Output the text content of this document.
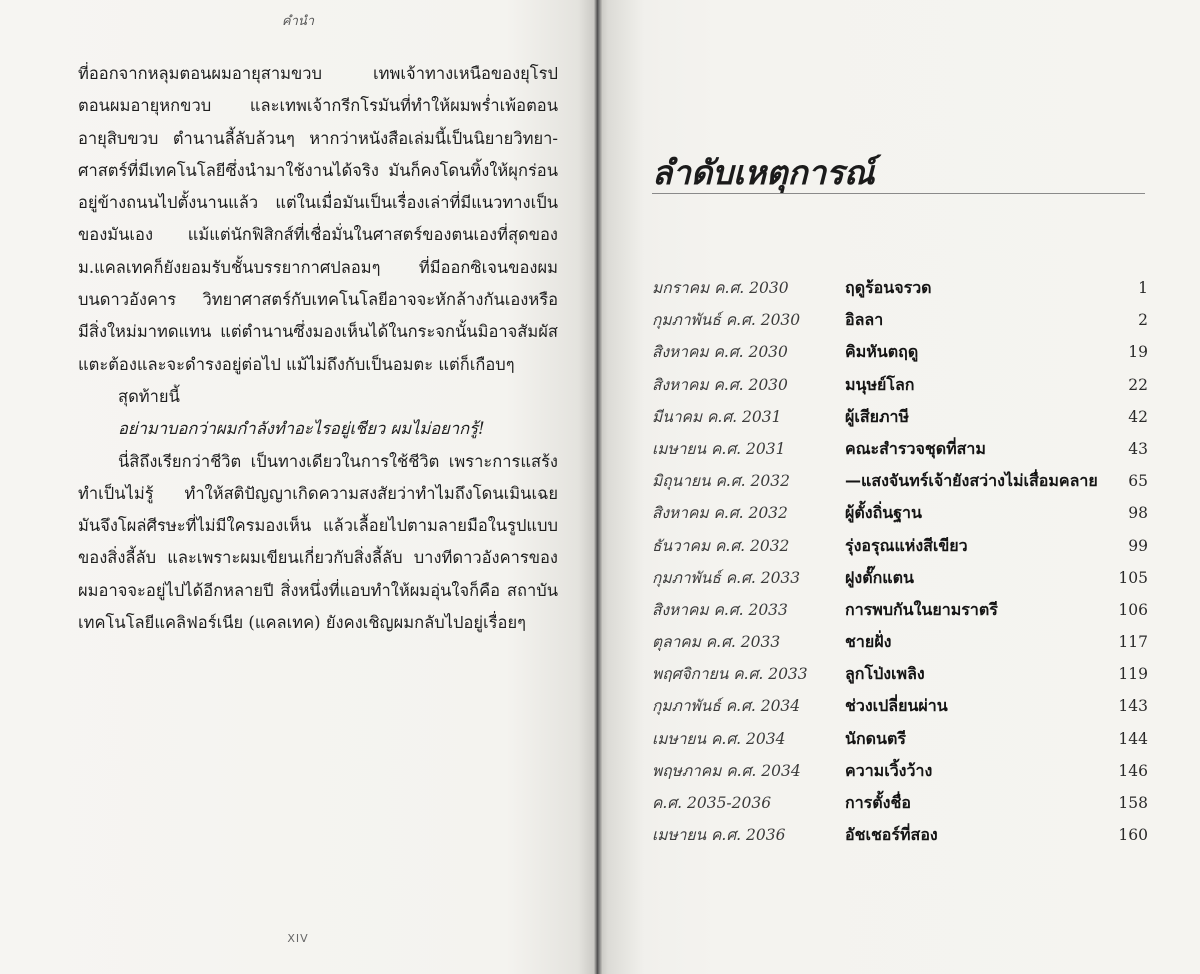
คำนำ
ที่ออกจากหลุมตอนผมอายุสามขวบ เทพเจ้าทางเหนือของยุโรป
ตอนผมอายุหกขวบ และเทพเจ้ากรีกโรมันที่ทำให้ผมพร่ำเพ้อตอน
อายุสิบขวบ ตำนานลี้ลับล้วนๆ หากว่าหนังสือเล่มนี้เป็นนิยายวิทยา-
ศาสตร์ที่มีเทคโนโลยีซึ่งนำมาใช้งานได้จริง มันก็คงโดนทิ้งให้ผุกร่อน
อยู่ข้างถนนไปตั้งนานแล้ว แต่ในเมื่อมันเป็นเรื่องเล่าที่มีแนวทางเป็น
ของมันเอง แม้แต่นักฟิสิกส์ที่เชื่อมั่นในศาสตร์ของตนเองที่สุดของ
ม.แคลเทคก็ยังยอมรับชั้นบรรยากาศปลอมๆ ที่มีออกซิเจนของผม
บนดาวอังคาร วิทยาศาสตร์กับเทคโนโลยีอาจจะหักล้างกันเองหรือ
มีสิ่งใหม่มาทดแทน แต่ตำนานซึ่งมองเห็นได้ในกระจกนั้นมิอาจสัมผัส
แตะต้องและจะดำรงอยู่ต่อไป แม้ไม่ถึงกับเป็นอมตะ แต่ก็เกือบๆ
สุดท้ายนี้
อย่ามาบอกว่าผมกำลังทำอะไรอยู่เชียว ผมไม่อยากรู้!
นี่สิถึงเรียกว่าชีวิต เป็นทางเดียวในการใช้ชีวิต เพราะการแสร้ง
ทำเป็นไม่รู้ ทำให้สติปัญญาเกิดความสงสัยว่าทำไมถึงโดนเมินเฉย
มันจึงโผล่ศีรษะที่ไม่มีใครมองเห็น แล้วเลื้อยไปตามลายมือในรูปแบบ
ของสิ่งลี้ลับ และเพราะผมเขียนเกี่ยวกับสิ่งลี้ลับ บางทีดาวอังคารของ
ผมอาจจะอยู่ไปได้อีกหลายปี สิ่งหนึ่งที่แอบทำให้ผมอุ่นใจก็คือ สถาบัน
เทคโนโลยีแคลิฟอร์เนีย (แคลเทค) ยังคงเชิญผมกลับไปอยู่เรื่อยๆ
XIV
ลำดับเหตุการณ์
มกราคม ค.ศ. 2030	ฤดูร้อนจรวด	1
กุมภาพันธ์ ค.ศ. 2030	อิลลา	2
สิงหาคม ค.ศ. 2030	คิมหันตฤดู	19
สิงหาคม ค.ศ. 2030	มนุษย์โลก	22
มีนาคม ค.ศ. 2031	ผู้เสียภาษี	42
เมษายน ค.ศ. 2031	คณะสำรวจชุดที่สาม	43
มิถุนายน ค.ศ. 2032	—แสงจันทร์เจ้ายังสว่างไม่เสื่อมคลาย 65
สิงหาคม ค.ศ. 2032	ผู้ตั้งถิ่นฐาน	98
ธันวาคม ค.ศ. 2032	รุ่งอรุณแห่งสีเขียว	99
กุมภาพันธ์ ค.ศ. 2033	ฝูงตั๊กแตน	105
สิงหาคม ค.ศ. 2033	การพบกันในยามราตรี	106
ตุลาคม ค.ศ. 2033	ชายฝั่ง	117
พฤศจิกายน ค.ศ. 2033 ลูกโป่งเพลิง	119
กุมภาพันธ์ ค.ศ. 2034	ช่วงเปลี่ยนผ่าน	143
เมษายน ค.ศ. 2034	นักดนตรี	144
พฤษภาคม ค.ศ. 2034	ความเวิ้งว้าง	146
ค.ศ. 2035-2036	การตั้งชื่อ	158
เมษายน ค.ศ. 2036	อัชเชอร์ที่สอง	160
